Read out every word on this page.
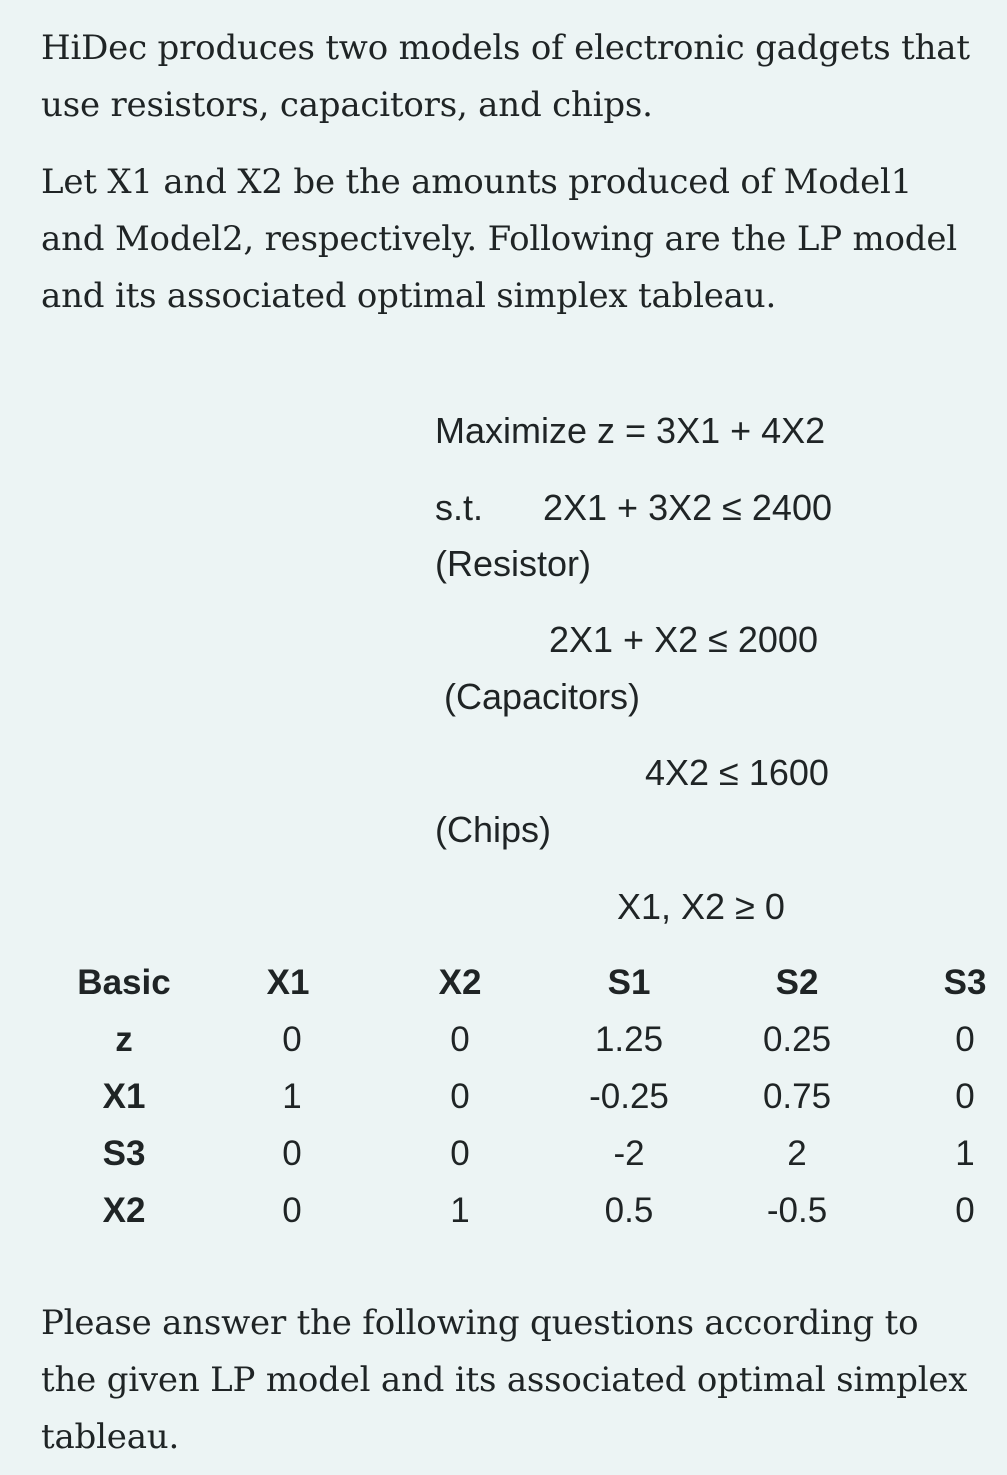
HiDec produces two models of electronic gadgets that use resistors, capacitors, and chips.

Let X1 and X2 be the amounts produced of Model1 and Model2, respectively. Following are the LP model and its associated optimal simplex tableau.

Maximize z = 3X1 + 4X2
s.t. 2X1 + 3X2 ≤ 2400
(Resistor)
2X1 + X2 ≤ 2000
(Capacitors)
4X2 ≤ 1600
(Chips)
X1, X2 ≥ 0
Basic	X1	X2	S1	S2	S3
z	0	0	1.25	0.25	0
X1	1	0	-0.25	0.75	0
S3	0	0	-2	2	1
X2	0	1	0.5	-0.5	0

Please answer the following questions according to the given LP model and its associated optimal simplex tableau.
